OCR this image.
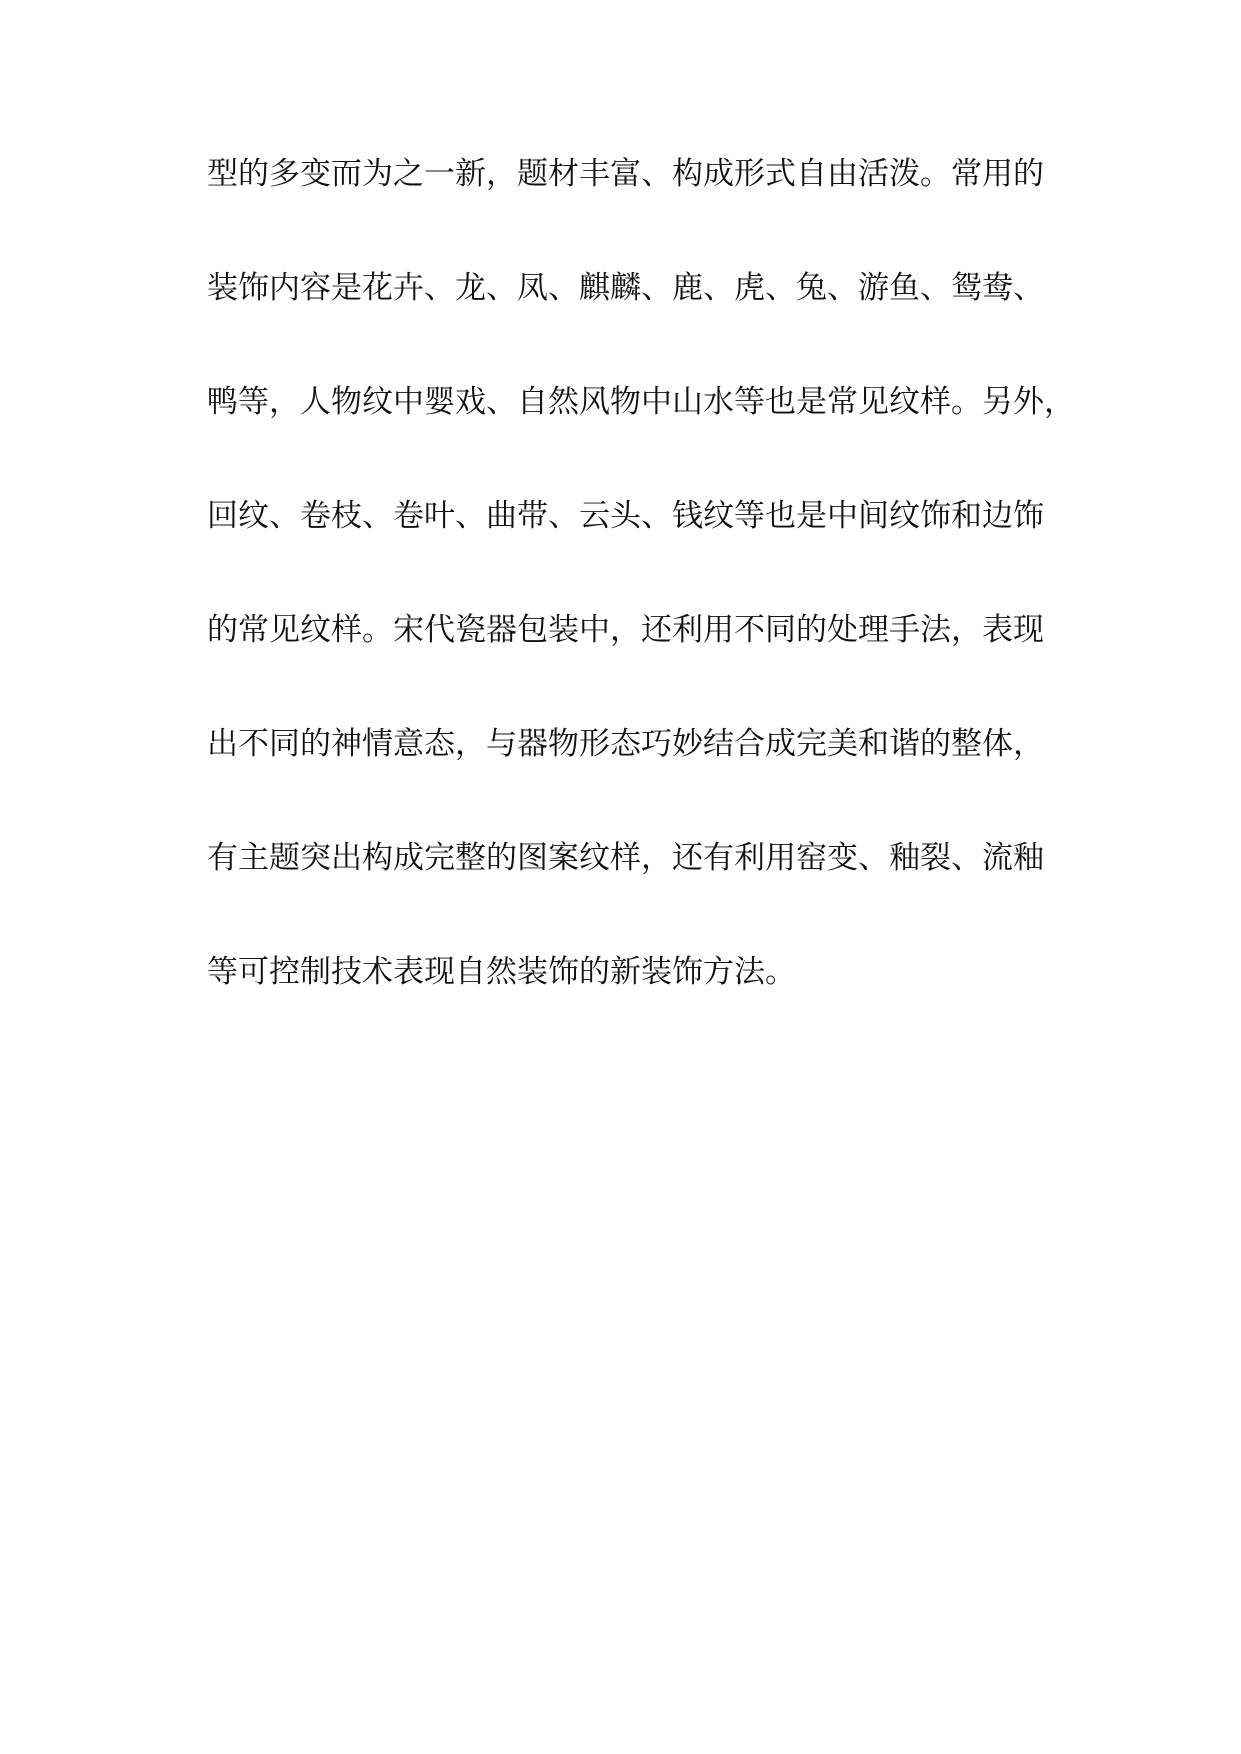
型的多变而为之一新，题材丰富、构成形式自由活泼。常用的
装饰内容是花卉、龙、凤、麒麟、鹿、虎、兔、游鱼、鸳鸯、
鸭等，人物纹中婴戏、自然风物中山水等也是常见纹样。另外，
回纹、卷枝、卷叶、曲带、云头、钱纹等也是中间纹饰和边饰
的常见纹样。宋代瓷器包装中，还利用不同的处理手法，表现
出不同的神情意态，与器物形态巧妙结合成完美和谐的整体，
有主题突出构成完整的图案纹样，还有利用窑变、釉裂、流釉
等可控制技术表现自然装饰的新装饰方法。
